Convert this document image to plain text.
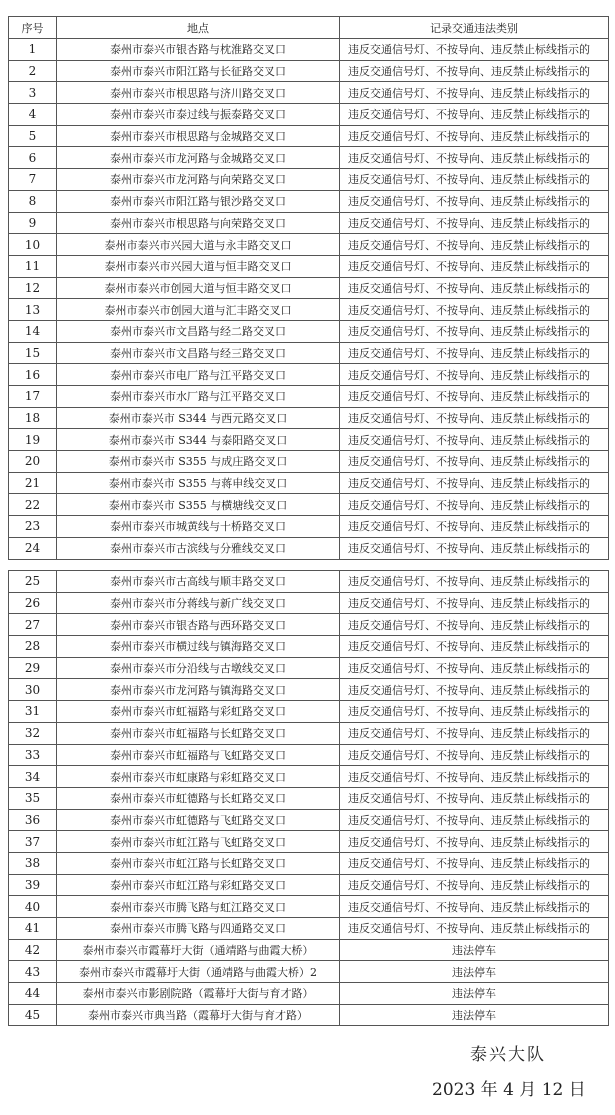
序号	地点	记录交通违法类别
1	泰州市泰兴市银杏路与枕淮路交叉口	违反交通信号灯、不按导向、违反禁止标线指示的
2	泰州市泰兴市阳江路与长征路交叉口	违反交通信号灯、不按导向、违反禁止标线指示的
3	泰州市泰兴市根思路与济川路交叉口	违反交通信号灯、不按导向、违反禁止标线指示的
4	泰州市泰兴市泰过线与振泰路交叉口	违反交通信号灯、不按导向、违反禁止标线指示的
5	泰州市泰兴市根思路与金城路交叉口	违反交通信号灯、不按导向、违反禁止标线指示的
6	泰州市泰兴市龙河路与金城路交叉口	违反交通信号灯、不按导向、违反禁止标线指示的
7	泰州市泰兴市龙河路与向荣路交叉口	违反交通信号灯、不按导向、违反禁止标线指示的
8	泰州市泰兴市阳江路与银沙路交叉口	违反交通信号灯、不按导向、违反禁止标线指示的
9	泰州市泰兴市根思路与向荣路交叉口	违反交通信号灯、不按导向、违反禁止标线指示的
10	泰州市泰兴市兴园大道与永丰路交叉口	违反交通信号灯、不按导向、违反禁止标线指示的
11	泰州市泰兴市兴园大道与恒丰路交叉口	违反交通信号灯、不按导向、违反禁止标线指示的
12	泰州市泰兴市创园大道与恒丰路交叉口	违反交通信号灯、不按导向、违反禁止标线指示的
13	泰州市泰兴市创园大道与汇丰路交叉口	违反交通信号灯、不按导向、违反禁止标线指示的
14	泰州市泰兴市文昌路与经二路交叉口	违反交通信号灯、不按导向、违反禁止标线指示的
15	泰州市泰兴市文昌路与经三路交叉口	违反交通信号灯、不按导向、违反禁止标线指示的
16	泰州市泰兴市电厂路与江平路交叉口	违反交通信号灯、不按导向、违反禁止标线指示的
17	泰州市泰兴市水厂路与江平路交叉口	违反交通信号灯、不按导向、违反禁止标线指示的
18	泰州市泰兴市 S344 与西元路交叉口	违反交通信号灯、不按导向、违反禁止标线指示的
19	泰州市泰兴市 S344 与泰阳路交叉口	违反交通信号灯、不按导向、违反禁止标线指示的
20	泰州市泰兴市 S355 与成庄路交叉口	违反交通信号灯、不按导向、违反禁止标线指示的
21	泰州市泰兴市 S355 与蒋申线交叉口	违反交通信号灯、不按导向、违反禁止标线指示的
22	泰州市泰兴市 S355 与横塘线交叉口	违反交通信号灯、不按导向、违反禁止标线指示的
23	泰州市泰兴市城黄线与十桥路交叉口	违反交通信号灯、不按导向、违反禁止标线指示的
24	泰州市泰兴市古滨线与分雅线交叉口	违反交通信号灯、不按导向、违反禁止标线指示的
25	泰州市泰兴市古高线与顺丰路交叉口	违反交通信号灯、不按导向、违反禁止标线指示的
26	泰州市泰兴市分蒋线与新广线交叉口	违反交通信号灯、不按导向、违反禁止标线指示的
27	泰州市泰兴市银杏路与西环路交叉口	违反交通信号灯、不按导向、违反禁止标线指示的
28	泰州市泰兴市横过线与镇海路交叉口	违反交通信号灯、不按导向、违反禁止标线指示的
29	泰州市泰兴市分沿线与古墩线交叉口	违反交通信号灯、不按导向、违反禁止标线指示的
30	泰州市泰兴市龙河路与镇海路交叉口	违反交通信号灯、不按导向、违反禁止标线指示的
31	泰州市泰兴市虹福路与彩虹路交叉口	违反交通信号灯、不按导向、违反禁止标线指示的
32	泰州市泰兴市虹福路与长虹路交叉口	违反交通信号灯、不按导向、违反禁止标线指示的
33	泰州市泰兴市虹福路与飞虹路交叉口	违反交通信号灯、不按导向、违反禁止标线指示的
34	泰州市泰兴市虹康路与彩虹路交叉口	违反交通信号灯、不按导向、违反禁止标线指示的
35	泰州市泰兴市虹德路与长虹路交叉口	违反交通信号灯、不按导向、违反禁止标线指示的
36	泰州市泰兴市虹德路与飞虹路交叉口	违反交通信号灯、不按导向、违反禁止标线指示的
37	泰州市泰兴市虹江路与飞虹路交叉口	违反交通信号灯、不按导向、违反禁止标线指示的
38	泰州市泰兴市虹江路与长虹路交叉口	违反交通信号灯、不按导向、违反禁止标线指示的
39	泰州市泰兴市虹江路与彩虹路交叉口	违反交通信号灯、不按导向、违反禁止标线指示的
40	泰州市泰兴市腾飞路与虹江路交叉口	违反交通信号灯、不按导向、违反禁止标线指示的
41	泰州市泰兴市腾飞路与四通路交叉口	违反交通信号灯、不按导向、违反禁止标线指示的
42	泰州市泰兴市霞幕圩大街（通靖路与曲霞大桥）	违法停车
43	泰州市泰兴市霞幕圩大街（通靖路与曲霞大桥）2	违法停车
44	泰州市泰兴市影剧院路（霞幕圩大街与育才路）	违法停车
45	泰州市泰兴市典当路（霞幕圩大街与育才路）	违法停车
泰兴大队
2023 年 4 月 12 日
